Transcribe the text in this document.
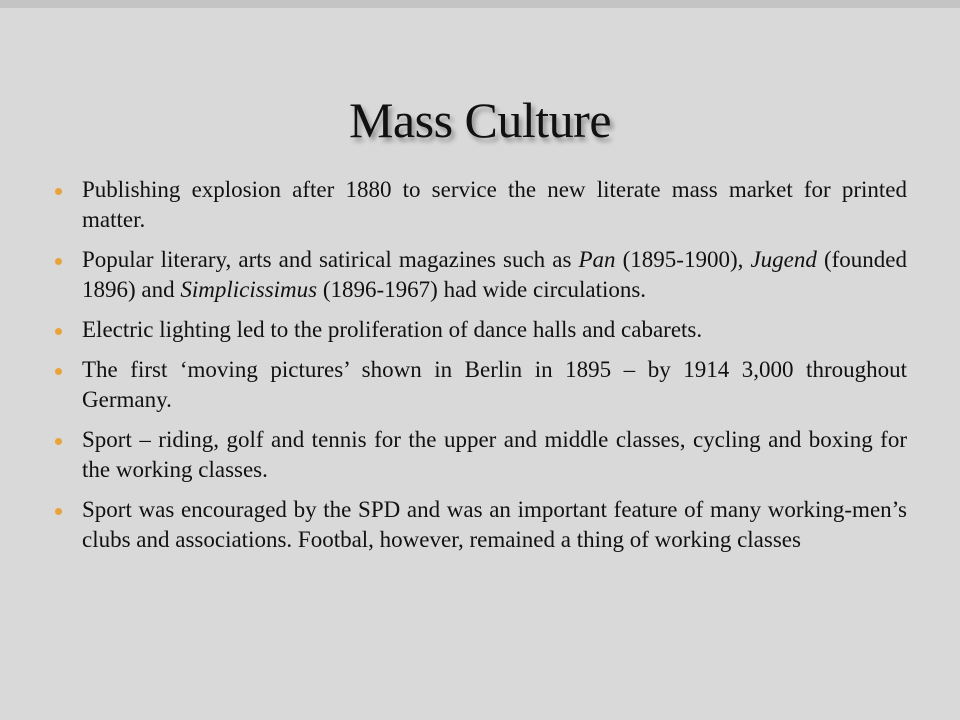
Mass Culture
Publishing explosion after 1880 to service the new literate mass market for printed matter.
Popular literary, arts and satirical magazines such as Pan (1895-1900), Jugend (founded 1896) and Simplicissimus (1896-1967) had wide circulations.
Electric lighting led to the proliferation of dance halls and cabarets.
The first ‘moving pictures’ shown in Berlin in 1895 – by 1914 3,000 throughout Germany.
Sport – riding, golf and tennis for the upper and middle classes, cycling and boxing for the working classes.
Sport was encouraged by the SPD and was an important feature of many working-men’s clubs and associations. Footbal, however, remained a thing of working classes
